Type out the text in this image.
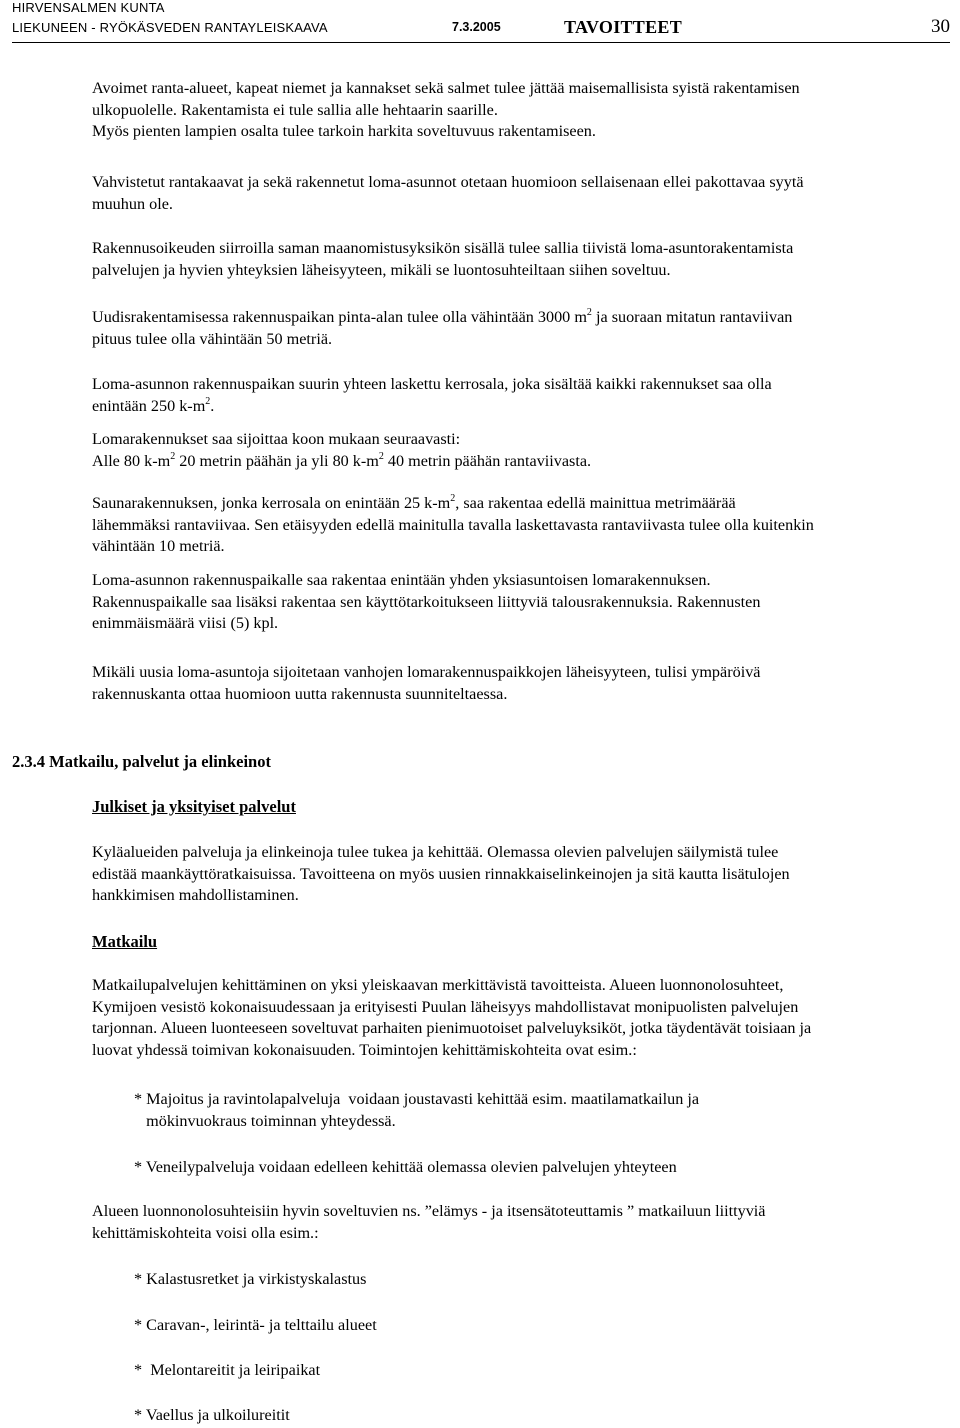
HIRVENSALMEN KUNTA
LIEKUNEEN - RYÖKÄSVEDEN RANTAYLEISKAAVA	7.3.2005	TAVOITTEET	30

Avoimet ranta-alueet, kapeat niemet ja kannakset sekä salmet tulee jättää maisemallisista syistä rakentamisen
ulkopuolelle. Rakentamista ei tule sallia alle hehtaarin saarille.
Myös pienten lampien osalta tulee tarkoin harkita soveltuvuus rakentamiseen.

Vahvistetut rantakaavat ja sekä rakennetut loma-asunnot otetaan huomioon sellaisenaan ellei pakottavaa syytä
muuhun ole.

Rakennusoikeuden siirroilla saman maanomistusyksikön sisällä tulee sallia tiivistä loma-asuntorakentamista
palvelujen ja hyvien yhteyksien läheisyyteen, mikäli se luontosuhteiltaan siihen soveltuu.

Uudisrakentamisessa rakennuspaikan pinta-alan tulee olla vähintään 3000 $m^2$ ja suoraan mitatun rantaviivan
pituus tulee olla vähintään 50 metriä.

Loma-asunnon rakennuspaikan suurin yhteen laskettu kerrosala, joka sisältää kaikki rakennukset saa olla
enintään 250 $k-m^2$.

Lomarakennukset saa sijoittaa koon mukaan seuraavasti:
Alle 80 $k-m^2$ 20 metrin päähän ja yli 80 $k-m^2$ 40 metrin päähän rantaviivasta.

Saunarakennuksen, jonka kerrosala on enintään 25 $k-m^2$, saa rakentaa edellä mainittua metrimäärää
lähemmäksi rantaviivaa. Sen etäisyyden edellä mainitulla tavalla laskettavasta rantaviivasta tulee olla kuitenkin
vähintään 10 metriä.

Loma-asunnon rakennuspaikalle saa rakentaa enintään yhden yksiasuntoisen lomarakennuksen.
Rakennuspaikalle saa lisäksi rakentaa sen käyttötarkoitukseen liittyviä talousrakennuksia. Rakennusten
enimmäismäärä viisi (5) kpl.

Mikäli uusia loma-asuntoja sijoitetaan vanhojen lomarakennuspaikkojen läheisyyteen, tulisi ympäröivä
rakennuskanta ottaa huomioon uutta rakennusta suunniteltaessa.

2.3.4 Matkailu, palvelut ja elinkeinot
Julkiset ja yksityiset palvelut

Kyläalueiden palveluja ja elinkeinoja tulee tukea ja kehittää. Olemassa olevien palvelujen säilymistä tulee
edistää maankäyttöratkaisuissa. Tavoitteena on myös uusien rinnakkaiselinkeinojen ja sitä kautta lisätulojen
hankkimisen mahdollistaminen.

Matkailu

Matkailupalvelujen kehittäminen on yksi yleiskaavan merkittävistä tavoitteista. Alueen luonnonolosuhteet,
Kymijoen vesistö kokonaisuudessaan ja erityisesti Puulan läheisyys mahdollistavat monipuolisten palvelujen
tarjonnan. Alueen luonteeseen soveltuvat parhaiten pienimuotoiset palveluyksiköt, jotka täydentävät toisiaan ja
luovat yhdessä toimivan kokonaisuuden. Toimintojen kehittämiskohteita ovat esim.:

* Majoitus ja ravintolapalveluja  voidaan joustavasti kehittää esim. maatilamatkailun ja
mökinvuokraus toiminnan yhteydessä.

* Veneilypalveluja voidaan edelleen kehittää olemassa olevien palvelujen yhteyteen

Alueen luonnonolosuhteisiin hyvin soveltuvien ns. ”elämys - ja itsensätoteuttamis ” matkailuun liittyviä
kehittämiskohteita voisi olla esim.:

* Kalastusretket ja virkistyskalastus

* Caravan-, leirintä- ja telttailu alueet

*  Melontareitit ja leiripaikat

* Vaellus ja ulkoilureitit
